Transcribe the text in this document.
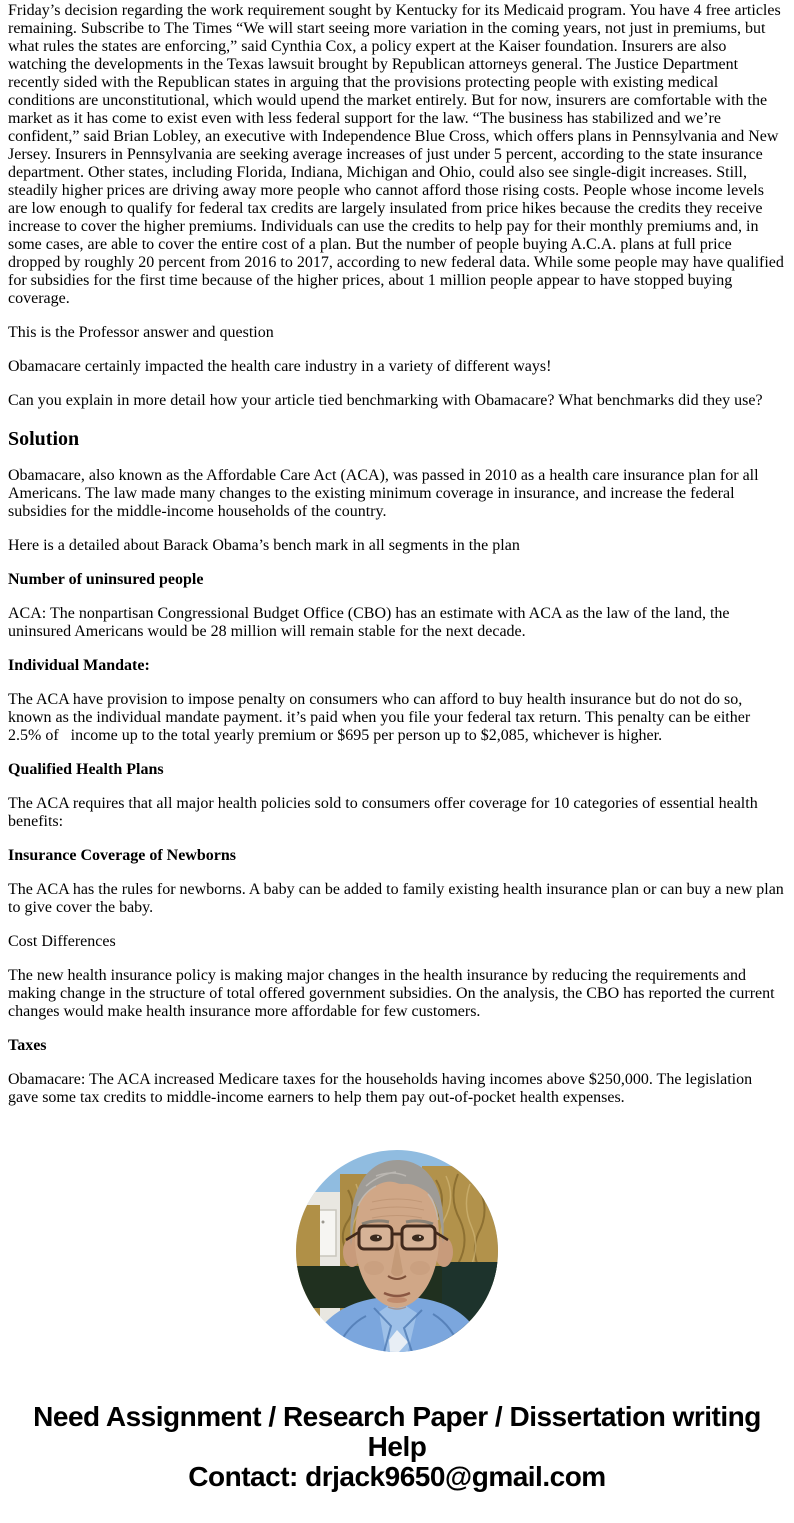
Friday’s decision regarding the work requirement sought by Kentucky for its Medicaid program. You have 4 free articles remaining. Subscribe to The Times “We will start seeing more variation in the coming years, not just in premiums, but what rules the states are enforcing,” said Cynthia Cox, a policy expert at the Kaiser foundation. Insurers are also watching the developments in the Texas lawsuit brought by Republican attorneys general. The Justice Department recently sided with the Republican states in arguing that the provisions protecting people with existing medical conditions are unconstitutional, which would upend the market entirely. But for now, insurers are comfortable with the market as it has come to exist even with less federal support for the law. “The business has stabilized and we’re confident,” said Brian Lobley, an executive with Independence Blue Cross, which offers plans in Pennsylvania and New Jersey. Insurers in Pennsylvania are seeking average increases of just under 5 percent, according to the state insurance department. Other states, including Florida, Indiana, Michigan and Ohio, could also see single-digit increases. Still, steadily higher prices are driving away more people who cannot afford those rising costs. People whose income levels are low enough to qualify for federal tax credits are largely insulated from price hikes because the credits they receive increase to cover the higher premiums. Individuals can use the credits to help pay for their monthly premiums and, in some cases, are able to cover the entire cost of a plan. But the number of people buying A.C.A. plans at full price dropped by roughly 20 percent from 2016 to 2017, according to new federal data. While some people may have qualified for subsidies for the first time because of the higher prices, about 1 million people appear to have stopped buying coverage.

This is the Professor answer and question

Obamacare certainly impacted the health care industry in a variety of different ways!

Can you explain in more detail how your article tied benchmarking with Obamacare? What benchmarks did they use?

Solution

Obamacare, also known as the Affordable Care Act (ACA), was passed in 2010 as a health care insurance plan for all Americans. The law made many changes to the existing minimum coverage in insurance, and increase the federal subsidies for the middle-income households of the country.

Here is a detailed about Barack Obama’s bench mark in all segments in the plan

Number of uninsured people

ACA: The nonpartisan Congressional Budget Office (CBO) has an estimate with ACA as the law of the land, the uninsured Americans would be 28 million will remain stable for the next decade.

Individual Mandate:

The ACA have provision to impose penalty on consumers who can afford to buy health insurance but do not do so, known as the individual mandate payment. it’s paid when you file your federal tax return. This penalty can be either 2.5% of   income up to the total yearly premium or $695 per person up to $2,085, whichever is higher.

Qualified Health Plans

The ACA requires that all major health policies sold to consumers offer coverage for 10 categories of essential health benefits:

Insurance Coverage of Newborns

The ACA has the rules for newborns. A baby can be added to family existing health insurance plan or can buy a new plan to give cover the baby.

Cost Differences

The new health insurance policy is making major changes in the health insurance by reducing the requirements and making change in the structure of total offered government subsidies. On the analysis, the CBO has reported the current changes would make health insurance more affordable for few customers.

Taxes

Obamacare: The ACA increased Medicare taxes for the households having incomes above $250,000. The legislation gave some tax credits to middle-income earners to help them pay out-of-pocket health expenses.

Need Assignment / Research Paper / Dissertation writing Help
Contact: drjack9650@gmail.com
